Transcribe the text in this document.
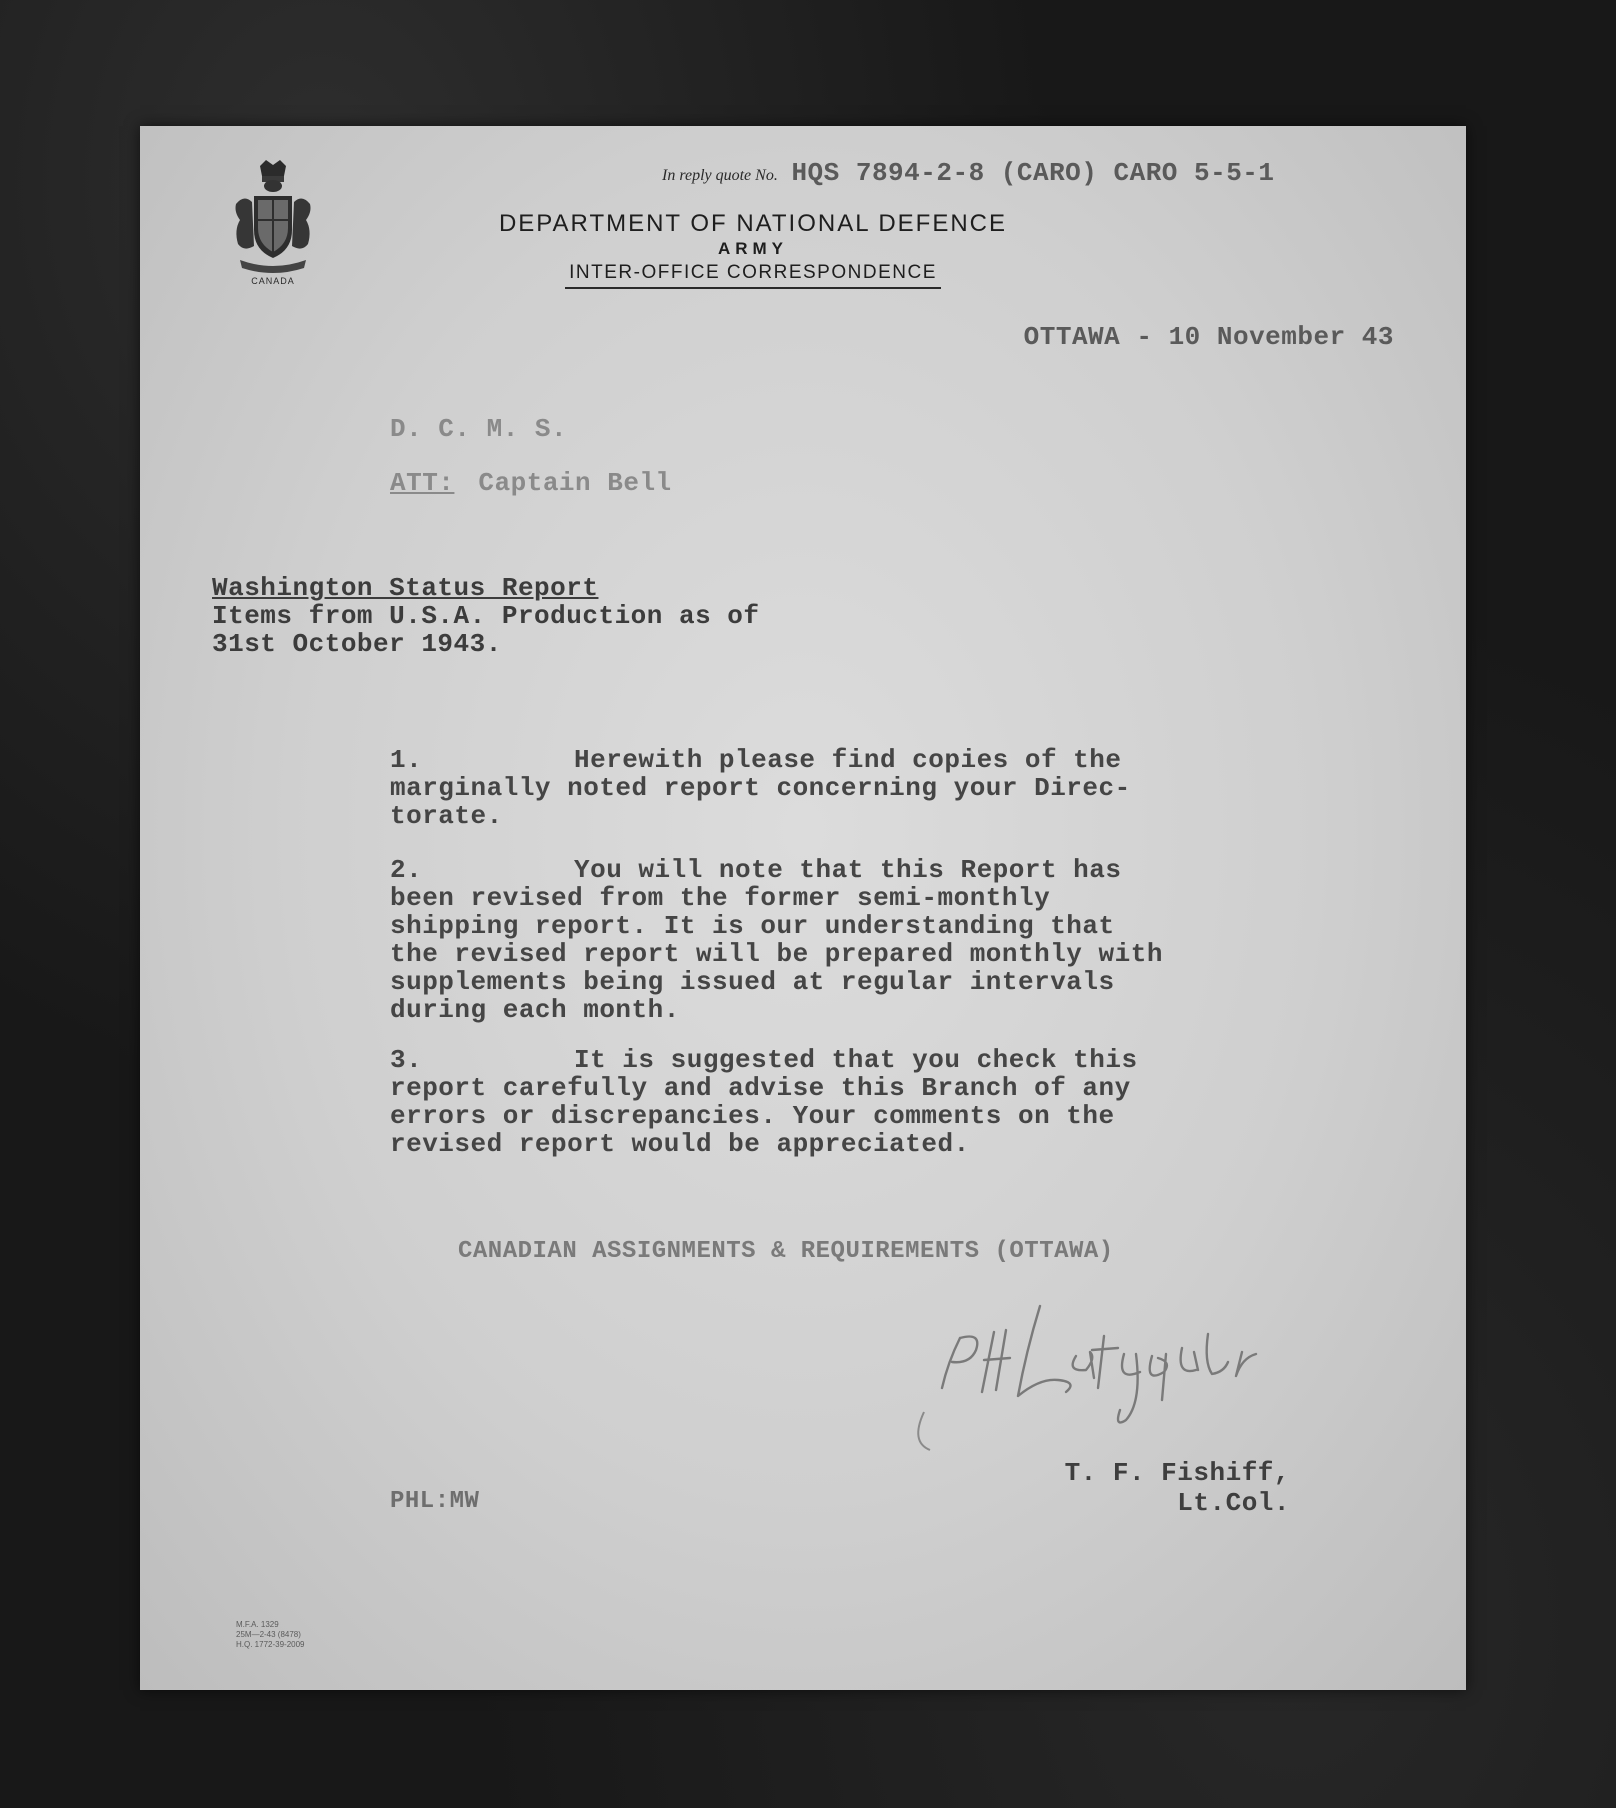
CANADA
In reply quote No. HQS 7894-2-8 (CARO) CARO 5-5-1
DEPARTMENT OF NATIONAL DEFENCE
ARMY
INTER-OFFICE CORRESPONDENCE
OTTAWA - 10 November 43
D. C. M. S.
ATT: Captain Bell
Washington Status Report
Items from U.S.A. Production as of
31st October 1943.
1.	Herewith please find copies of the
marginally noted report concerning your Direc-
torate.
2.	You will note that this Report has
been revised from the former semi-monthly
shipping report. It is our understanding that
the revised report will be prepared monthly with
supplements being issued at regular intervals
during each month.
3.	It is suggested that you check this
report carefully and advise this Branch of any
errors or discrepancies. Your comments on the
revised report would be appreciated.
CANADIAN ASSIGNMENTS & REQUIREMENTS (OTTAWA)
T. F. Fishiff,
Lt.Col.
PHL:MW
M.F.A. 1329
25M—2-43 (8478)
H.Q. 1772-39-2009
